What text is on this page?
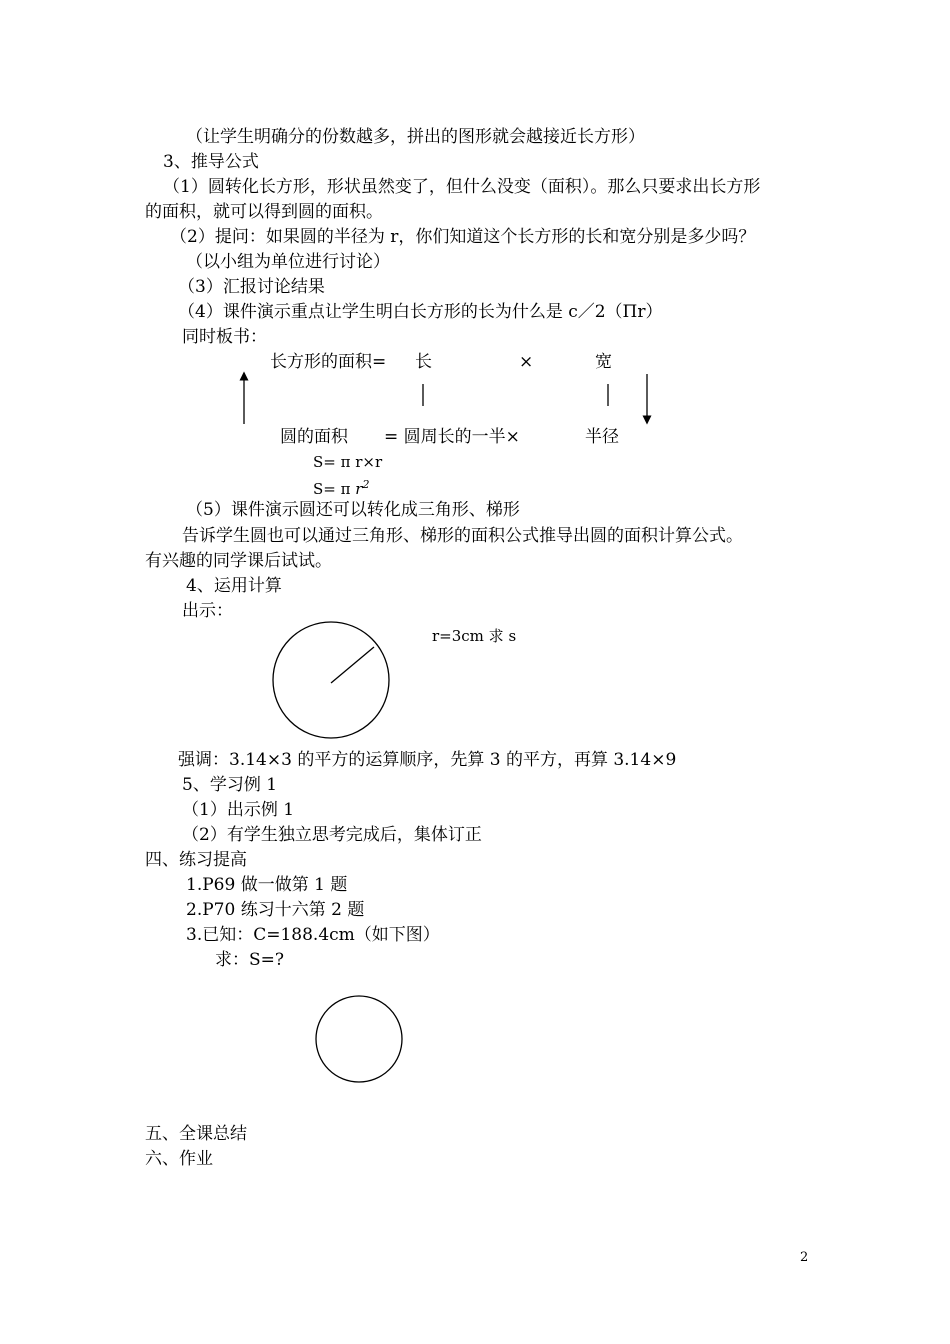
（让学生明确分的份数越多，拼出的图形就会越接近长方形）
3、推导公式
（1）圆转化长方形，形状虽然变了，但什么没变（面积）。那么只要求出长方形
的面积，就可以得到圆的面积。
（2）提问：如果圆的半径为 r，你们知道这个长方形的长和宽分别是多少吗？
（以小组为单位进行讨论）
（3）汇报讨论结果
（4）课件演示重点让学生明白长方形的长为什么是 c／2（Πr）
同时板书：
长方形的面积= 长	×	宽
圆的面积 = 圆周长的一半×	半径
S= π r×r
S= π $r^2$
（5）课件演示圆还可以转化成三角形、梯形
告诉学生圆也可以通过三角形、梯形的面积公式推导出圆的面积计算公式。
有兴趣的同学课后试试。
4、运用计算
出示：
r=3cm 求 s
强调：3.14×3 的平方的运算顺序，先算 3 的平方，再算 3.14×9
5、学习例 1
（1）出示例 1
（2）有学生独立思考完成后，集体订正
四、练习提高
1.P69 做一做第 1 题
2.P70 练习十六第 2 题
3.已知：C=188.4cm（如下图）
求：S=?
五、全课总结
六、作业
2
